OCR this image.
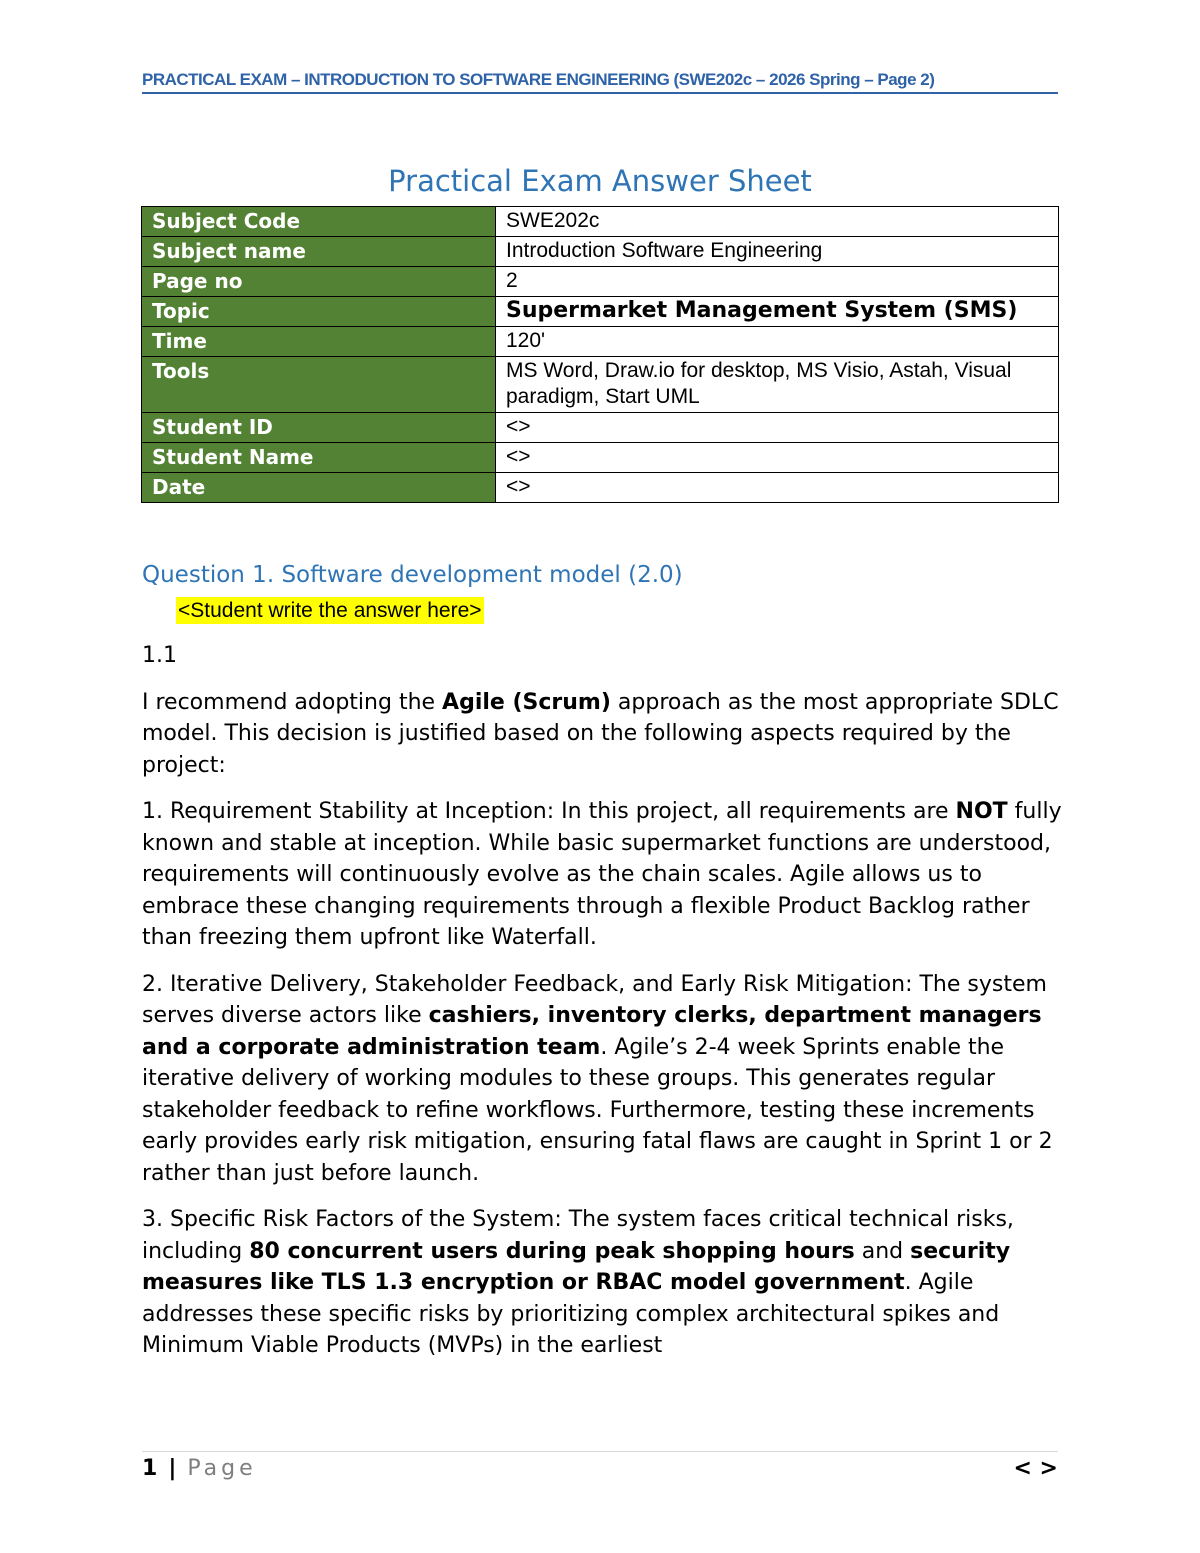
PRACTICAL EXAM – INTRODUCTION TO SOFTWARE ENGINEERING (SWE202c – 2026 Spring – Page 2)
Practical Exam Answer Sheet
Subject Code	SWE202c
Subject name	Introduction Software Engineering
Page no	2
Topic	Supermarket Management System (SMS)
Time	120'
Tools	MS Word, Draw.io for desktop, MS Visio, Astah, Visual paradigm, Start UML
Student ID	<>
Student Name	<>
Date	<>
Question 1. Software development model (2.0)
<Student write the answer here>

1.1

I recommend adopting the Agile (Scrum) approach as the most appropriate SDLC model. This decision is justified based on the following aspects required by the project:

1. Requirement Stability at Inception: In this project, all requirements are NOT fully known and stable at inception. While basic supermarket functions are understood, requirements will continuously evolve as the chain scales. Agile allows us to embrace these changing requirements through a flexible Product Backlog rather than freezing them upfront like Waterfall.

2. Iterative Delivery, Stakeholder Feedback, and Early Risk Mitigation: The system serves diverse actors like cashiers, inventory clerks, department managers and a corporate administration team. Agile’s 2-4 week Sprints enable the iterative delivery of working modules to these groups. This generates regular stakeholder feedback to refine workflows. Furthermore, testing these increments early provides early risk mitigation, ensuring fatal flaws are caught in Sprint 1 or 2 rather than just before launch.

3. Specific Risk Factors of the System: The system faces critical technical risks, including 80 concurrent users during peak shopping hours and security measures like TLS 1.3 encryption or RBAC model government. Agile addresses these specific risks by prioritizing complex architectural spikes and Minimum Viable Products (MVPs) in the earliest

1 | Page	< >
